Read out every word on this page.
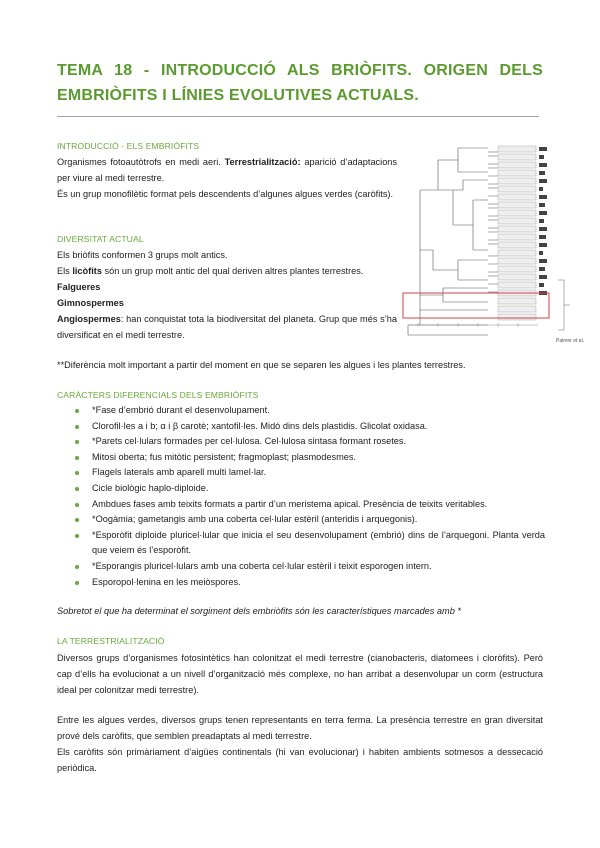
TEMA 18 - INTRODUCCIÓ ALS BRIÒFITS. ORIGEN DELS EMBRIÒFITS I LÍNIES EVOLUTIVES ACTUALS.
INTRODUCCIÓ - ELS EMBRIÒFITS
Organismes fotoautòtrofs en medi aeri. Terrestrialització: aparició d’adaptacions per viure al medi terrestre.
És un grup monofilètic format pels descendents d’algunes algues verdes (caròfits).
DIVERSITAT ACTUAL
Els briòfits conformen 3 grups molt antics.
Els licòfits són un grup molt antic del qual deriven altres plantes terrestres.
Falgueres
Gimnospermes
Angiospermes: han conquistat tota la biodiversitat del planeta. Grup que més s’ha diversificat en el medi terrestre.
Palmer et al.
**Diferència molt important a partir del moment en que se separen les algues i les plantes terrestres.
CARÀCTERS DIFERENCIALS DELS EMBRIÒFITS
*Fase d’embrió durant el desenvolupament.
Clorofil·les a i b; α i β carotè; xantofil·les. Midó dins dels plastidis. Glicolat oxidasa.
*Parets cel·lulars formades per cel·lulosa. Cel·lulosa sintasa formant rosetes.
Mitosi oberta; fus mitòtic persistent; fragmoplast; plasmodesmes.
Flagels laterals amb aparell multi lamel·lar.
Cicle biològic haplo-diploide.
Ambdues fases amb teixits formats a partir d’un meristema apical. Presència de teixits veritables.
*Oogàmia; gametangis amb una coberta cel·lular estèril (anteridis i arquegonis).
*Esporòfit diploide pluricel·lular que inicia el seu desenvolupament (embrió) dins de l’arquegoni. Planta verda que veiem és l’esporòfit.
*Esporangis pluricel·lulars amb una coberta cel·lular estèril i teixit esporogen intern.
Esporopol·lenina en les meiòspores.
Sobretot el que ha determinat el sorgiment dels embriòfits són les característiques marcades amb *
LA TERRESTRIALITZACIÓ
Diversos grups d’organismes fotosintètics han colonitzat el medi terrestre (cianobacteris, diatomees i cloròfits). Però cap d’ells ha evolucionat a un nivell d’organització més complexe, no han arribat a desenvolupar un corm (estructura ideal per colonitzar medi terrestre).
Entre les algues verdes, diversos grups tenen representants en terra ferma. La presència terrestre en gran diversitat prové dels caròfits, que semblen preadaptats al medi terrestre.
Els caròfits són primàriament d’aigües continentals (hi van evolucionar) i habiten ambients sotmesos a dessecació periòdica.
